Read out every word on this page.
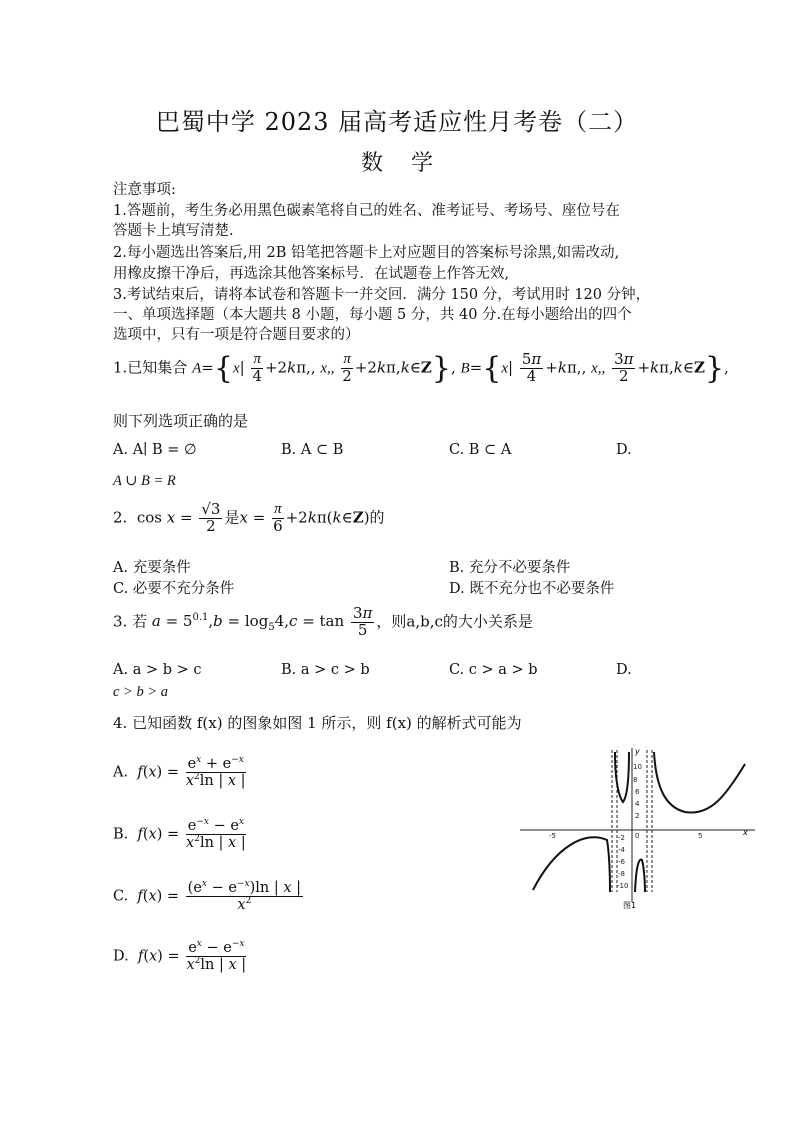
巴蜀中学 2023 届高考适应性月考卷（二）
数学
注意事项:
1.答题前，考生务必用黑色碳素笔将自己的姓名、准考证号、考场号、座位号在
答题卡上填写清楚.
2.每小题选出答案后,用 2B 铅笔把答题卡上对应题目的答案标号涂黑,如需改动,
用橡皮擦干净后，再选涂其他答案标号．在试题卷上作答无效,
3.考试结束后，请将本试卷和答题卡一并交回．满分 150 分，考试用时 120 分钟，
一、单项选择题（本大题共 8 小题，每小题 5 分，共 40 分.在每小题给出的四个
选项中，只有一项是符合题目要求的）
1.已知集合 $A=\{x| \frac{\pi}{4} +2k\pi$,, x,, $\frac{\pi}{2}$ +2kπ,k∈Z}, $B=\{x| \frac{5\pi}{4} +k\pi$,, x,, $\frac{3\pi}{2}$ +kπ,k∈Z},
则下列选项正确的是
A. A∣ B = ∅	B. A ⊂ B	C. B ⊂ A	D.
A ∪ B = R
2.  $\cos x = \frac{√3}{2}$ 是$x = \frac{\pi}{6}$ +2kπ(k∈Z)的
A. 充要条件	B. 充分不必要条件
C. 必要不充分条件	D. 既不充分也不必要条件
3. 若 $a = 5^{0.1},b = \log_54,c = \tan \frac{3\pi}{5}$ ，则a,b,c的大小关系是
A. a > b > c	B. a > c > b	C. c > a > b	D.
c > b > a
4. 已知函数 f(x) 的图象如图 1 所示，则 f(x) 的解析式可能为
A. $f(x) = \frac{e^x + e^{-x}}{x^2\ln | x |}$
B. $f(x) = \frac{e^{-x} - e^x}{x^2\ln | x |}$
C. $f(x) = \frac{(e^x - e^{-x})\ln | x |}{x^2}$
D. $f(x) = \frac{e^x - e^{-x}}{x^2\ln | x |}$
x
y
10
8
6
4
2
-2
-4
-6
-8
-10
-5	0	5
图1
